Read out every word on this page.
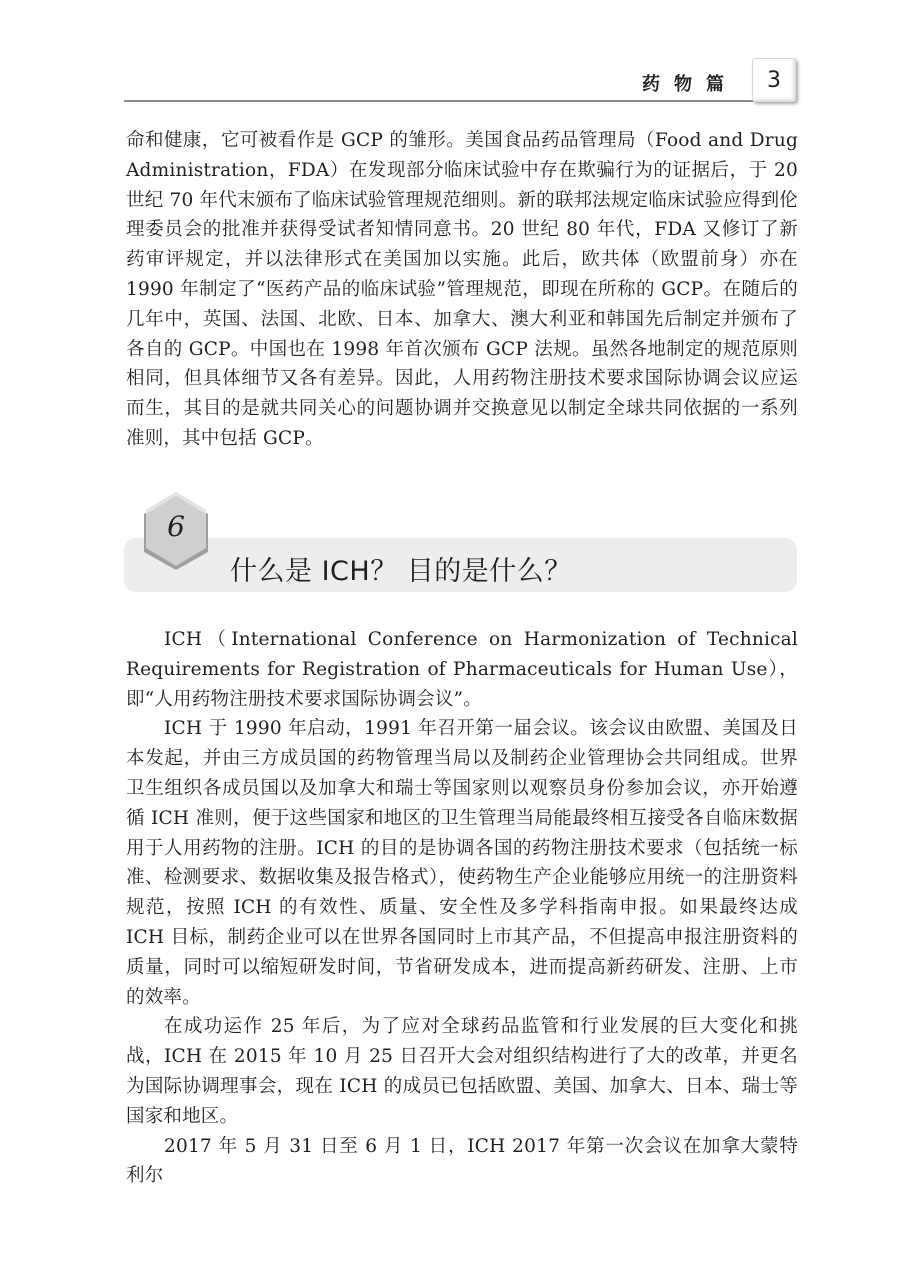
药物篇 3

命和健康，它可被看作是 GCP 的雏形。美国食品药品管理局（Food and Drug Administration，FDA）在发现部分临床试验中存在欺骗行为的证据后，于 20 世纪 70 年代末颁布了临床试验管理规范细则。新的联邦法规定临床试验应得到伦理委员会的批准并获得受试者知情同意书。20 世纪 80 年代，FDA 又修订了新药审评规定，并以法律形式在美国加以实施。此后，欧共体（欧盟前身）亦在 1990 年制定了“医药产品的临床试验”管理规范，即现在所称的 GCP。在随后的几年中，英国、法国、北欧、日本、加拿大、澳大利亚和韩国先后制定并颁布了各自的 GCP。中国也在 1998 年首次颁布 GCP 法规。虽然各地制定的规范原则相同，但具体细节又各有差异。因此，人用药物注册技术要求国际协调会议应运而生，其目的是就共同关心的问题协调并交换意见以制定全球共同依据的一系列准则，其中包括 GCP。

6
什么是 ICH？ 目的是什么？

ICH（International Conference on Harmonization of Technical Requirements for Registration of Pharmaceuticals for Human Use），即“人用药物注册技术要求国际协调会议”。

ICH 于 1990 年启动，1991 年召开第一届会议。该会议由欧盟、美国及日本发起，并由三方成员国的药物管理当局以及制药企业管理协会共同组成。世界卫生组织各成员国以及加拿大和瑞士等国家则以观察员身份参加会议，亦开始遵循 ICH 准则，便于这些国家和地区的卫生管理当局能最终相互接受各自临床数据用于人用药物的注册。ICH 的目的是协调各国的药物注册技术要求（包括统一标准、检测要求、数据收集及报告格式），使药物生产企业能够应用统一的注册资料规范，按照 ICH 的有效性、质量、安全性及多学科指南申报。如果最终达成 ICH 目标，制药企业可以在世界各国同时上市其产品，不但提高申报注册资料的质量，同时可以缩短研发时间，节省研发成本，进而提高新药研发、注册、上市的效率。

在成功运作 25 年后，为了应对全球药品监管和行业发展的巨大变化和挑战，ICH 在 2015 年 10 月 25 日召开大会对组织结构进行了大的改革，并更名为国际协调理事会，现在 ICH 的成员已包括欧盟、美国、加拿大、日本、瑞士等国家和地区。

2017 年 5 月 31 日至 6 月 1 日，ICH 2017 年第一次会议在加拿大蒙特利尔
